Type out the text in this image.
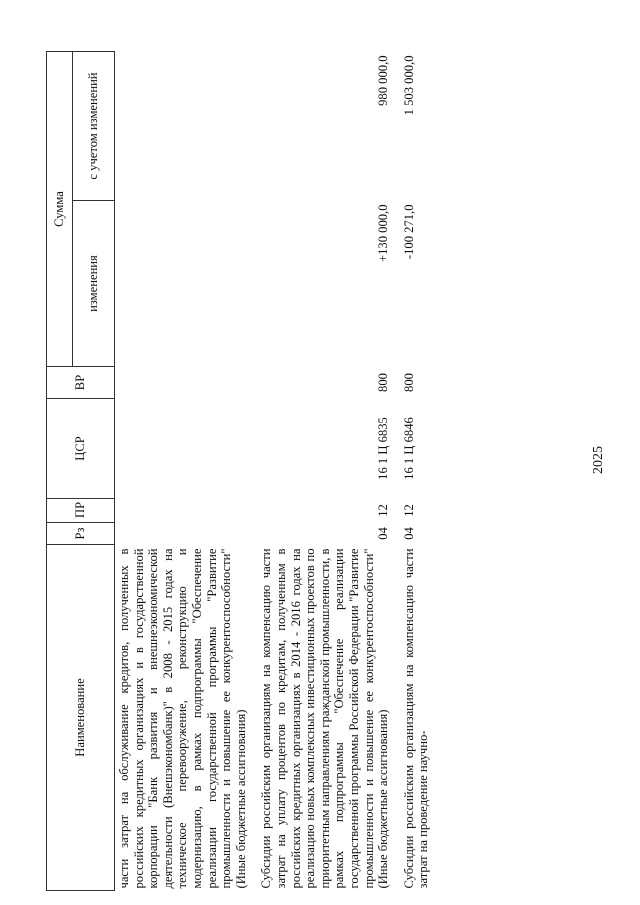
2025
Наименование	Рз	ПР	ЦСР	ВР	Сумма	
					изменения	с учетом изменений
части затрат на обслуживание кредитов, полученных в российских кредитных организациях и в государственной корпорации "Банк развития и внешнеэкономической деятельности (Внешэкономбанк)" в 2008 - 2015 годах на техническое перевооружение, реконструкцию и модернизацию, в рамках подпрограммы "Обеспечение реализации государственной программы "Развитие промышленности и повышение ее конкурентоспособности" (Иные бюджетные ассигнования)						

Субсидии российским организациям на компенсацию части затрат на уплату процентов по кредитам, полученным в российских кредитных организациях в 2014 - 2016 годах на реализацию новых комплексных инвестиционных проектов по приоритетным направлениям гражданской промышленности, в рамках подпрограммы "Обеспечение реализации государственной программы Российской Федерации "Развитие промышленности и повышение ее конкурентоспособности" (Иные бюджетные ассигнования)	04	12	16 1 Ц 6835	800	+130 000,0	980 000,0

Субсидии российским организациям на компенсацию части затрат на проведение научно-	04	12	16 1 Ц 6846	800	-100 271,0	1 503 000,0
